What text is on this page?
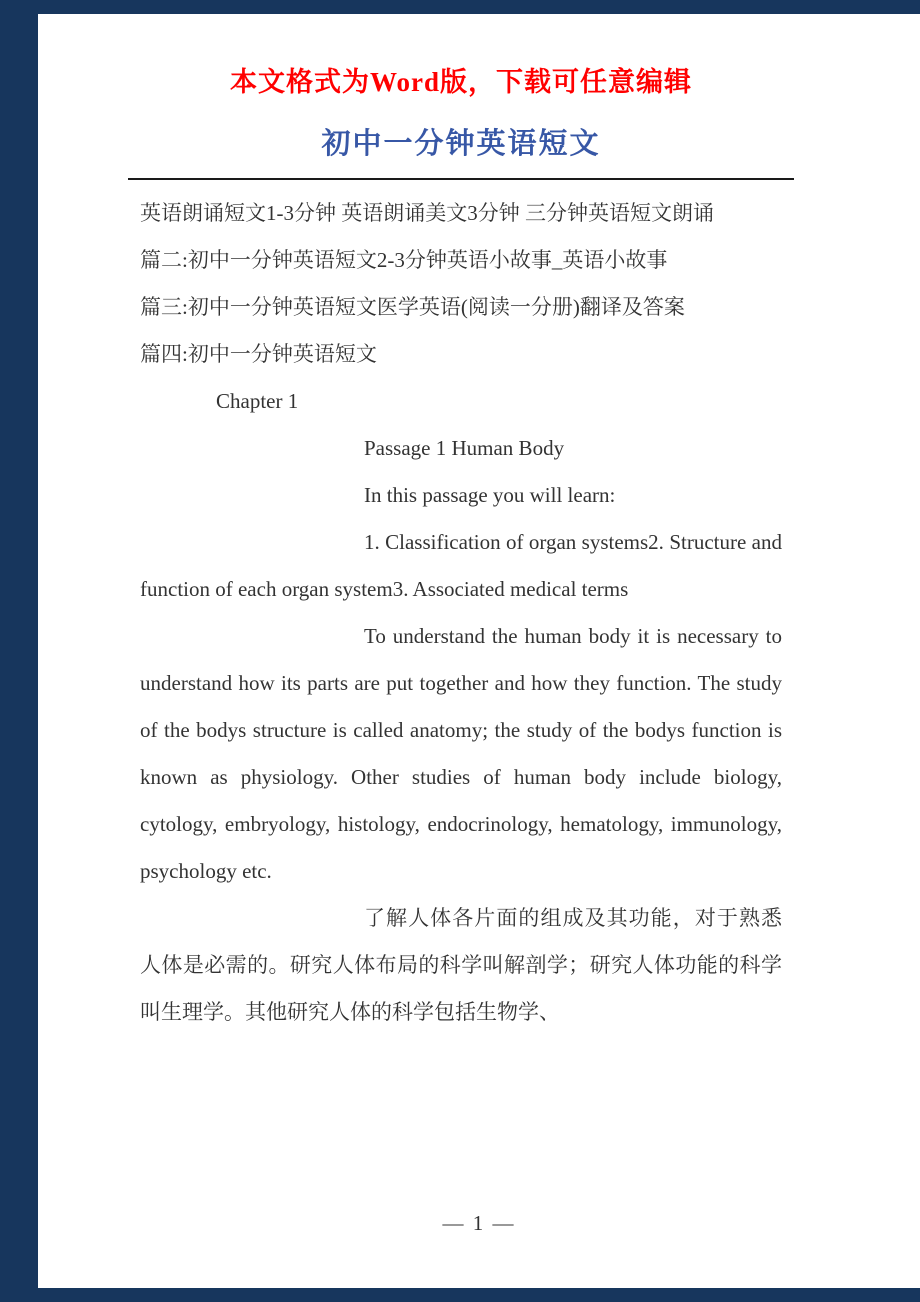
本文格式为Word版，下载可任意编辑
初中一分钟英语短文

英语朗诵短文1-3分钟 英语朗诵美文3分钟 三分钟英语短文朗诵

篇二:初中一分钟英语短文2-3分钟英语小故事_英语小故事

篇三:初中一分钟英语短文医学英语(阅读一分册)翻译及答案

篇四:初中一分钟英语短文

Chapter 1

Passage 1 Human Body

In this passage you will learn:

1. Classification of organ systems2. Structure and function of each organ system3. Associated medical terms

To understand the human body it is necessary to understand how its parts are put together and how they function. The study of the bodys structure is called anatomy; the study of the bodys function is known as physiology. Other studies of human body include biology, cytology, embryology, histology, endocrinology, hematology, immunology, psychology etc.

了解人体各片面的组成及其功能，对于熟悉人体是必需的。研究人体布局的科学叫解剖学；研究人体功能的科学叫生理学。其他研究人体的科学包括生物学、

— 1 —
